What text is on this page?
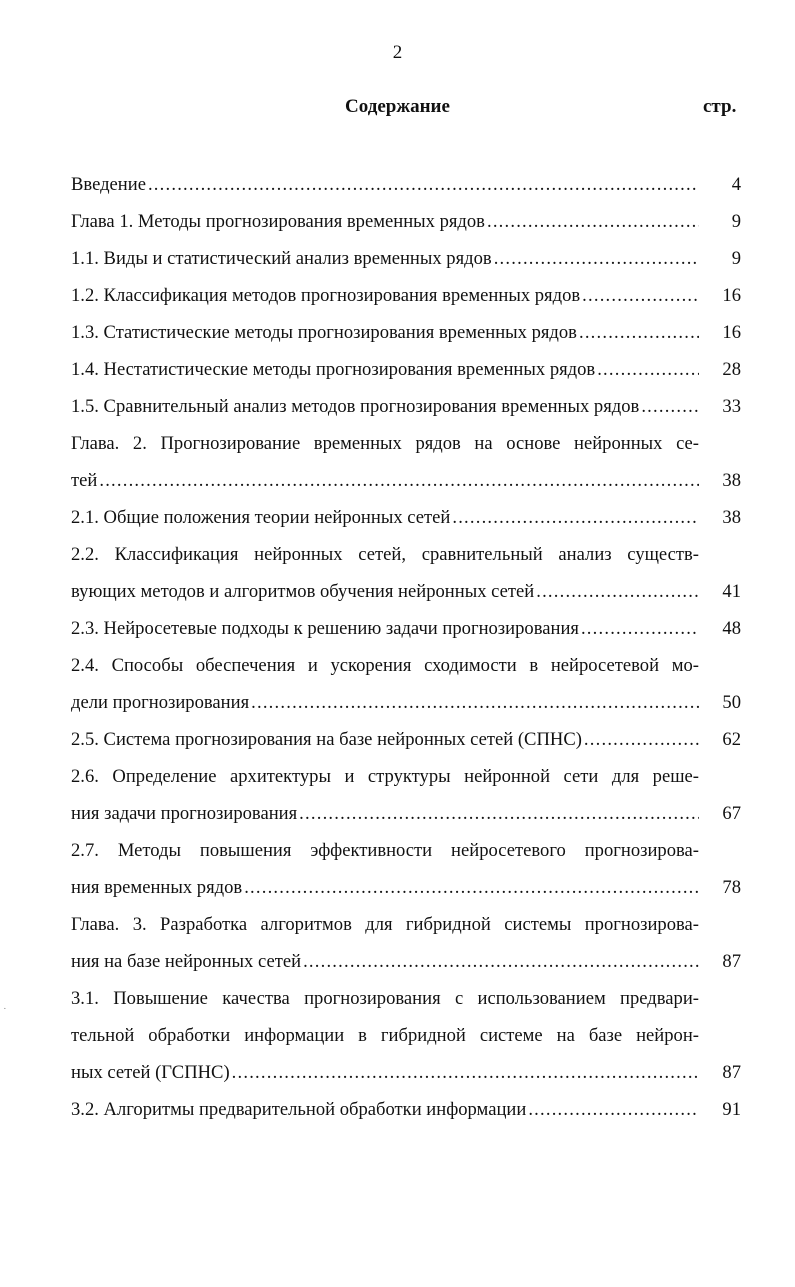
2
Содержание	стр.
Введение .....	4
Глава 1. Методы прогнозирования временных рядов .....	9
1.1. Виды и статистический анализ временных рядов .....	9
1.2. Классификация методов прогнозирования временных рядов .....	16
1.3. Статистические методы прогнозирования временных рядов .....	16
1.4. Нестатистические методы прогнозирования временных рядов .....	28
1.5. Сравнительный анализ методов прогнозирования временных рядов .....	33
Глава. 2. Прогнозирование временных рядов на основе нейронных се-
тей .....	38
2.1. Общие положения теории нейронных сетей .....	38
2.2. Классификация нейронных сетей, сравнительный анализ существ-
вующих методов и алгоритмов обучения нейронных сетей .....	41
2.3. Нейросетевые подходы к решению задачи прогнозирования .....	48
2.4. Способы обеспечения и ускорения сходимости в нейросетевой мо-
дели прогнозирования .....	50
2.5. Система прогнозирования на базе нейронных сетей (СПНС) .....	62
2.6. Определение архитектуры и структуры нейронной сети для реше-
ния задачи прогнозирования .....	67
2.7. Методы повышения эффективности нейросетевого прогнозирова-
ния временных рядов .....	78
Глава. 3. Разработка алгоритмов для гибридной системы прогнозирова-
ния на базе нейронных сетей .....	87
3.1. Повышение качества прогнозирования с использованием предвари-
тельной обработки информации в гибридной системе на базе нейрон-
ных сетей (ГСПНС) .....	87
3.2. Алгоритмы предварительной обработки информации .....	91
˙
